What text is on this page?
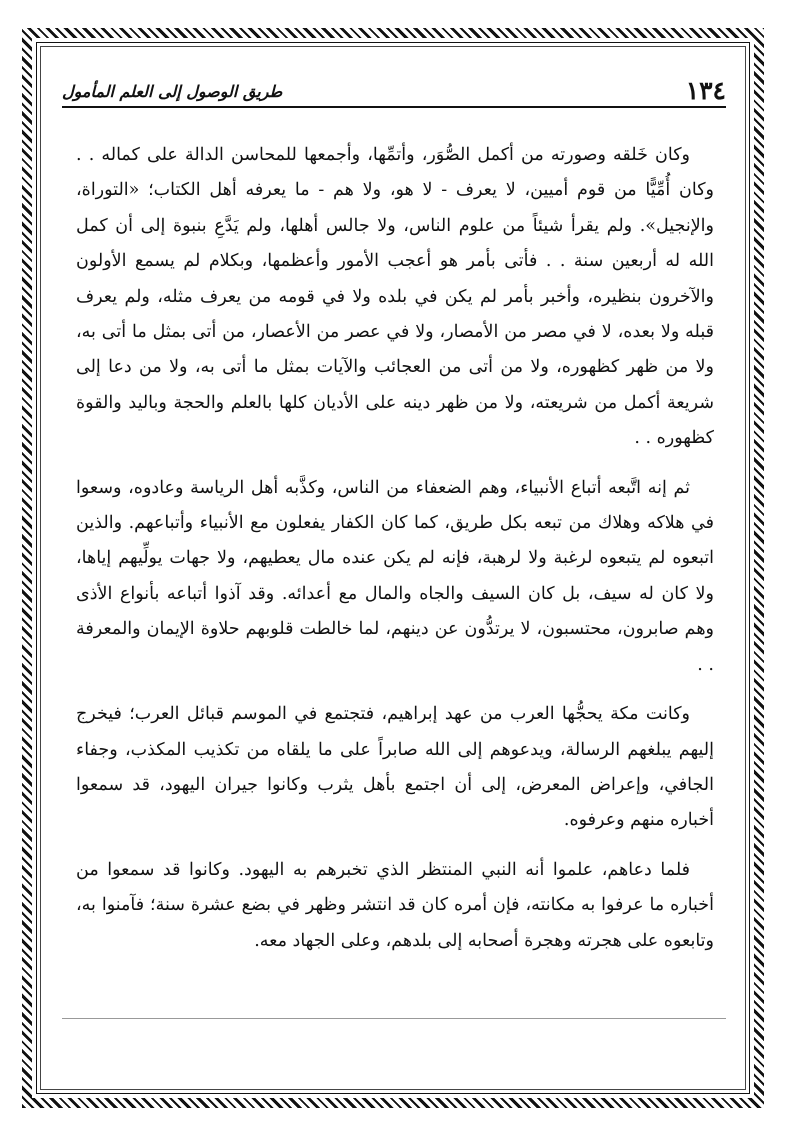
١٣٤
طريق الوصول إلى العلم المأمول

وكان خَلقه وصورته من أكمل الصُّوَر، وأتمِّها، وأجمعها للمحاسن الدالة على كماله . . وكان أُمِّيًّا من قوم أميين، لا يعرف - لا هو، ولا هم - ما يعرفه أهل الكتاب؛ «التوراة، والإنجيل». ولم يقرأ شيئاً من علوم الناس، ولا جالس أهلها، ولم يَدَّعِ بنبوة إلى أن كمل الله له أربعين سنة . . فأتى بأمر هو أعجب الأمور وأعظمها، وبكلام لم يسمع الأولون والآخرون بنظيره، وأخبر بأمر لم يكن في بلده ولا في قومه من يعرف مثله، ولم يعرف قبله ولا بعده، لا في مصر من الأمصار، ولا في عصر من الأعصار، من أتى بمثل ما أتى به، ولا من ظهر كظهوره، ولا من أتى من العجائب والآيات بمثل ما أتى به، ولا من دعا إلى شريعة أكمل من شريعته، ولا من ظهر دينه على الأديان كلها بالعلم والحجة وباليد والقوة كظهوره . .

ثم إنه اتَّبعه أتباع الأنبياء، وهم الضعفاء من الناس، وكذَّبه أهل الرياسة وعادوه، وسعوا في هلاكه وهلاك من تبعه بكل طريق، كما كان الكفار يفعلون مع الأنبياء وأتباعهم. والذين اتبعوه لم يتبعوه لرغبة ولا لرهبة، فإنه لم يكن عنده مال يعطيهم، ولا جهات يولِّيهم إياها، ولا كان له سيف، بل كان السيف والجاه والمال مع أعدائه. وقد آذوا أتباعه بأنواع الأذى وهم صابرون، محتسبون، لا يرتدُّون عن دينهم، لما خالطت قلوبهم حلاوة الإيمان والمعرفة . .

وكانت مكة يحجُّها العرب من عهد إبراهيم، فتجتمع في الموسم قبائل العرب؛ فيخرج إليهم يبلغهم الرسالة، ويدعوهم إلى الله صابراً على ما يلقاه من تكذيب المكذب، وجفاء الجافي، وإعراض المعرض، إلى أن اجتمع بأهل يثرب وكانوا جيران اليهود، قد سمعوا أخباره منهم وعرفوه.

فلما دعاهم، علموا أنه النبي المنتظر الذي تخبرهم به اليهود. وكانوا قد سمعوا من أخباره ما عرفوا به مكانته، فإن أمره كان قد انتشر وظهر في بضع عشرة سنة؛ فآمنوا به، وتابعوه على هجرته وهجرة أصحابه إلى بلدهم، وعلى الجهاد معه.
